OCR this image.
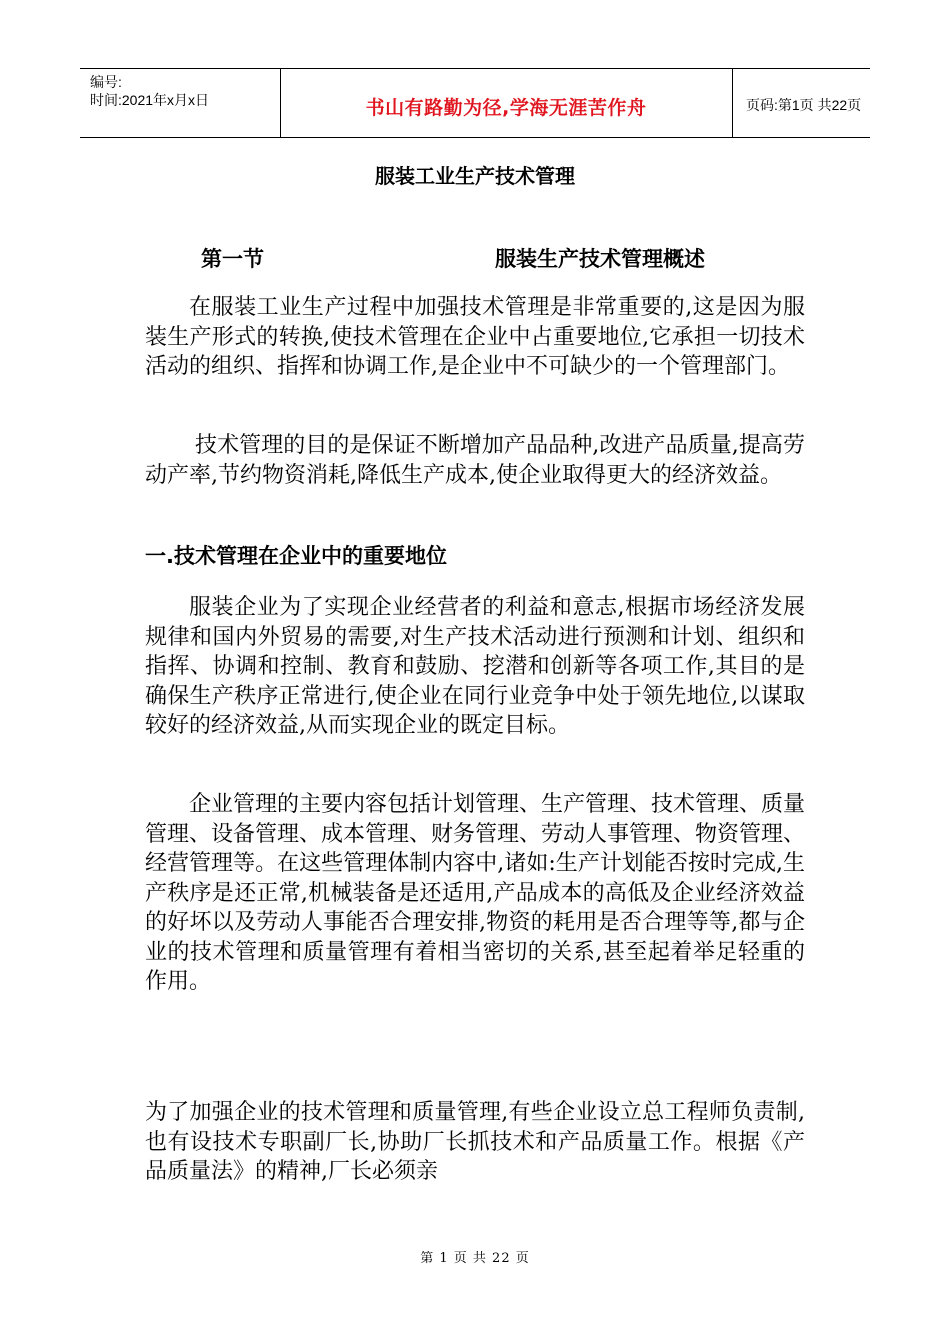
编号:
时间:2021年x月x日	书山有路勤为径,学海无涯苦作舟	页码:第1页 共22页
服装工业生产技术管理
第一节	服装生产技术管理概述
在服装工业生产过程中加强技术管理是非常重要的,这是因为服装生产形式的转换,使技术管理在企业中占重要地位,它承担一切技术活动的组织、指挥和协调工作,是企业中不可缺少的一个管理部门。
技术管理的目的是保证不断增加产品品种,改进产品质量,提高劳动产率,节约物资消耗,降低生产成本,使企业取得更大的经济效益。
一.技术管理在企业中的重要地位
服装企业为了实现企业经营者的利益和意志,根据市场经济发展规律和国内外贸易的需要,对生产技术活动进行预测和计划、组织和指挥、协调和控制、教育和鼓励、挖潜和创新等各项工作,其目的是确保生产秩序正常进行,使企业在同行业竞争中处于领先地位,以谋取较好的经济效益,从而实现企业的既定目标。
企业管理的主要内容包括计划管理、生产管理、技术管理、质量管理、设备管理、成本管理、财务管理、劳动人事管理、物资管理、经营管理等。在这些管理体制内容中,诸如:生产计划能否按时完成,生产秩序是还正常,机械装备是还适用,产品成本的高低及企业经济效益的好坏以及劳动人事能否合理安排,物资的耗用是否合理等等,都与企业的技术管理和质量管理有着相当密切的关系,甚至起着举足轻重的作用。
为了加强企业的技术管理和质量管理,有些企业设立总工程师负责制,也有设技术专职副厂长,协助厂长抓技术和产品质量工作。根据《产品质量法》的精神,厂长必须亲
第 1 页 共 22 页
